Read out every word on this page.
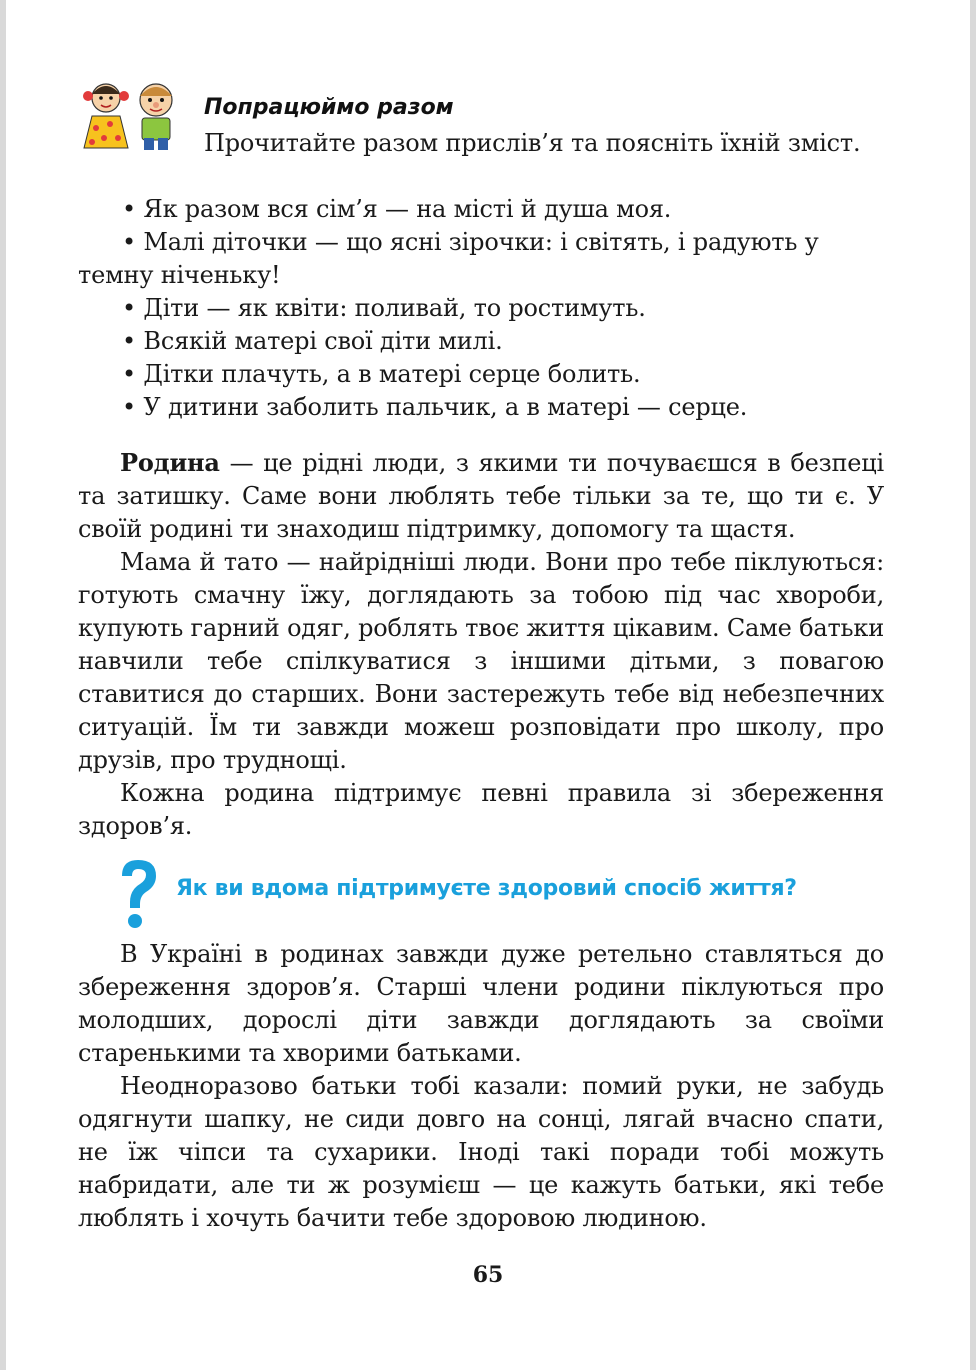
Попрацюймо разом
Прочитайте разом прислів’я та поясніть їхній зміст.
• Як разом вся сім’я — на місті й душа моя.
• Малі діточки — що ясні зірочки: і світять, і радують у темну ніченьку!
• Діти — як квіти: поливай, то ростимуть.
• Всякій матері свої діти милі.
• Дітки плачуть, а в матері серце болить.
• У дитини заболить пальчик, а в матері — серце.

Родина — це рідні люди, з якими ти почуваєшся в безпеці та затишку. Саме вони люблять тебе тільки за те, що ти є. У своїй родині ти знаходиш підтримку, допомогу та щастя.

Мама й тато — найрідніші люди. Вони про тебе піклуються: готують смачну їжу, доглядають за тобою під час хвороби, купують гарний одяг, роблять твоє життя цікавим. Саме батьки навчили тебе спілкуватися з іншими дітьми, з повагою ставитися до старших. Вони застережуть тебе від небезпечних ситуацій. Їм ти завжди можеш розповідати про школу, про друзів, про труднощі.

Кожна родина підтримує певні правила зі збереження здоров’я.

Як ви вдома підтримуєте здоровий спосіб життя?

В Україні в родинах завжди дуже ретельно ставляться до збереження здоров’я. Старші члени родини піклуються про молодших, дорослі діти завжди доглядають за своїми старенькими та хворими батьками.

Неодноразово батьки тобі казали: помий руки, не забудь одягнути шапку, не сиди довго на сонці, лягай вчасно спати, не їж чіпси та сухарики. Іноді такі поради тобі можуть набридати, але ти ж розумієш — це кажуть батьки, які тебе люблять і хочуть бачити тебе здоровою людиною.

65
